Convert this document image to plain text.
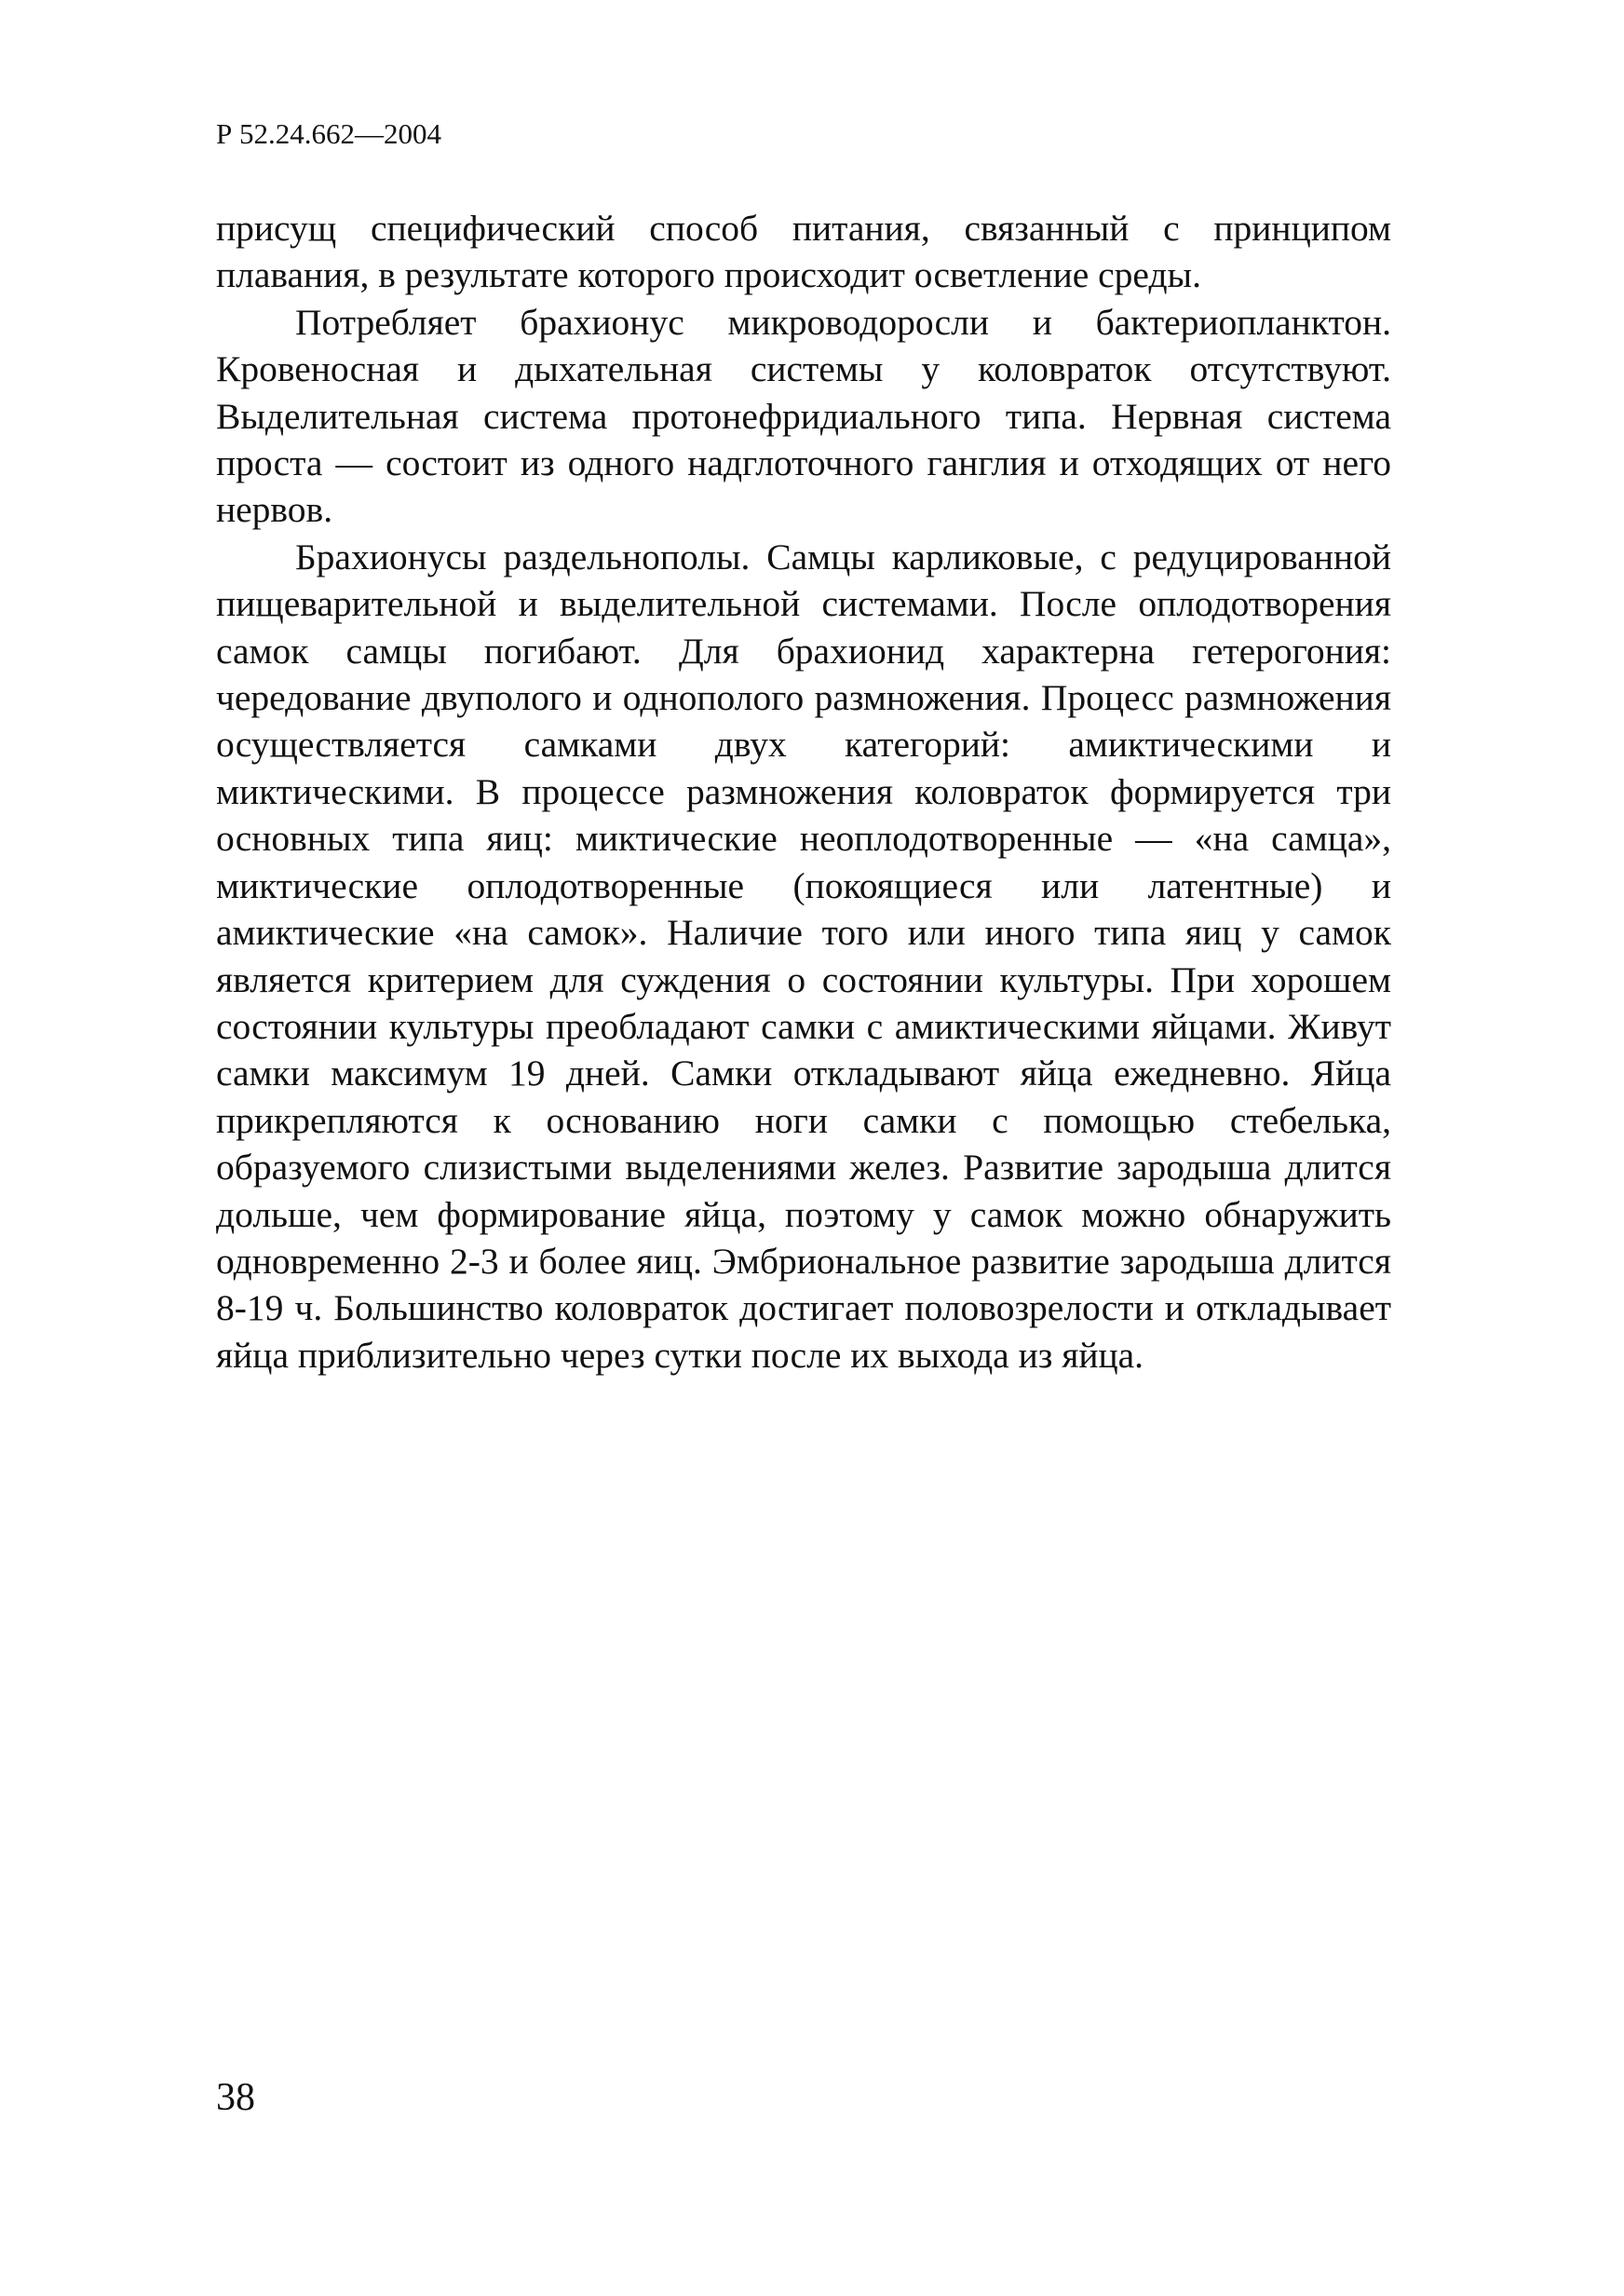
Р 52.24.662—2004

присущ специфический способ питания, связанный с принципом плавания, в результате которого происходит осветление среды.

Потребляет брахионус микроводоросли и бактериопланктон. Кровеносная и дыхательная системы у коловраток отсутствуют. Выделительная система протонефридиального типа. Нервная система проста — состоит из одного надглоточного ганглия и отходящих от него нервов.

Брахионусы раздельнополы. Самцы карликовые, с редуцированной пищеварительной и выделительной системами. После оплодотворения самок самцы погибают. Для брахионид характерна гетерогония: чередование двуполого и однополого размножения. Процесс размножения осуществляется самками двух категорий: амиктическими и миктическими. В процессе размножения коловраток формируется три основных типа яиц: миктические неоплодотворенные — «на самца», миктические оплодотворенные (покоящиеся или латентные) и амиктические «на самок». Наличие того или иного типа яиц у самок является критерием для суждения о состоянии культуры. При хорошем состоянии культуры преобладают самки с амиктическими яйцами. Живут самки максимум 19 дней. Самки откладывают яйца ежедневно. Яйца прикрепляются к основанию ноги самки с помощью стебелька, образуемого слизистыми выделениями желез. Развитие зародыша длится дольше, чем формирование яйца, поэтому у самок можно обнаружить одновременно 2-3 и более яиц. Эмбриональное развитие зародыша длится 8-19 ч. Большинство коловраток достигает половозрелости и откладывает яйца приблизительно через сутки после их выхода из яйца.

38
